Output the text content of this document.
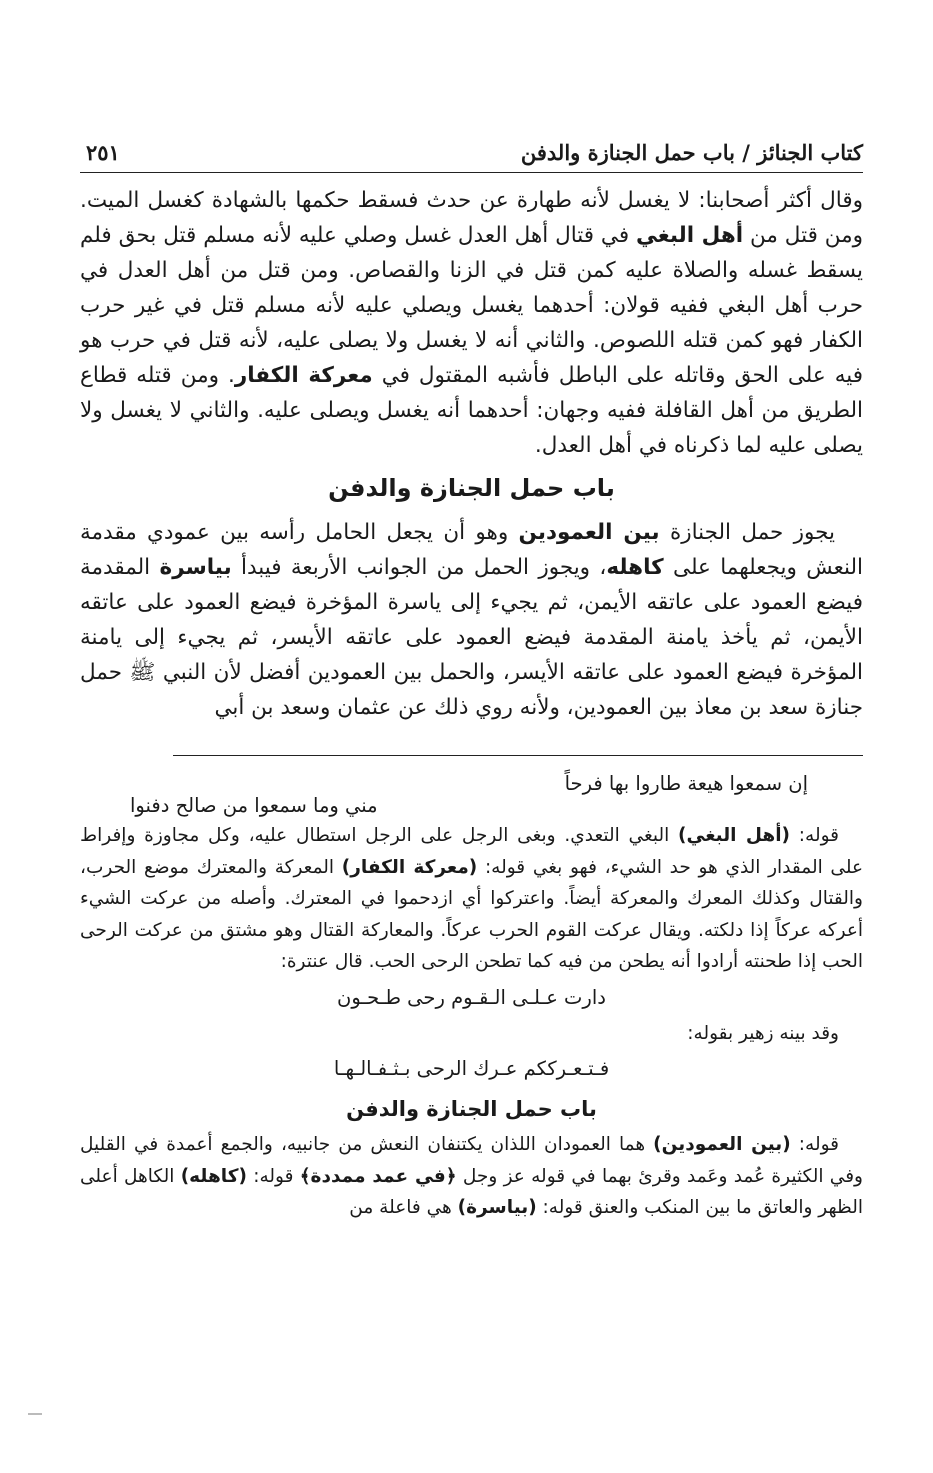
كتاب الجنائز / باب حمل الجنازة والدفن
٢٥١

وقال أكثر أصحابنا: لا يغسل لأنه طهارة عن حدث فسقط حكمها بالشهادة كغسل الميت. ومن قتل من أهل البغي في قتال أهل العدل غسل وصلي عليه لأنه مسلم قتل بحق فلم يسقط غسله والصلاة عليه كمن قتل في الزنا والقصاص. ومن قتل من أهل العدل في حرب أهل البغي ففيه قولان: أحدهما يغسل ويصلي عليه لأنه مسلم قتل في غير حرب الكفار فهو كمن قتله اللصوص. والثاني أنه لا يغسل ولا يصلى عليه، لأنه قتل في حرب هو فيه على الحق وقاتله على الباطل فأشبه المقتول في معركة الكفار. ومن قتله قطاع الطريق من أهل القافلة ففيه وجهان: أحدهما أنه يغسل ويصلى عليه. والثاني لا يغسل ولا يصلى عليه لما ذكرناه في أهل العدل.

باب حمل الجنازة والدفن

يجوز حمل الجنازة بين العمودين وهو أن يجعل الحامل رأسه بين عمودي مقدمة النعش ويجعلهما على كاهله، ويجوز الحمل من الجوانب الأربعة فيبدأ بياسرة المقدمة فيضع العمود على عاتقه الأيمن، ثم يجيء إلى ياسرة المؤخرة فيضع العمود على عاتقه الأيمن، ثم يأخذ يامنة المقدمة فيضع العمود على عاتقه الأيسر، ثم يجيء إلى يامنة المؤخرة فيضع العمود على عاتقه الأيسر، والحمل بين العمودين أفضل لأن النبي ﷺ حمل جنازة سعد بن معاذ بين العمودين، ولأنه روي ذلك عن عثمان وسعد بن أبي

إن سمعوا هيعة طاروا بها فرحاً
مني وما سمعوا من صالح دفنوا

قوله: (أهل البغي) البغي التعدي. وبغى الرجل على الرجل استطال عليه، وكل مجاوزة وإفراط على المقدار الذي هو حد الشيء، فهو بغي قوله: (معركة الكفار) المعركة والمعترك موضع الحرب، والقتال وكذلك المعرك والمعركة أيضاً. واعتركوا أي ازدحموا في المعترك. وأصله من عركت الشيء أعركه عركاً إذا دلكته. ويقال عركت القوم الحرب عركاً. والمعاركة القتال وهو مشتق من عركت الرحى الحب إذا طحنته أرادوا أنه يطحن من فيه كما تطحن الرحى الحب. قال عنترة:

دارت عـلـى الـقـوم رحى طـحـون

وقد بينه زهير بقوله:

فـتـعـرككم عـرك الرحى بـثـفـالـهـا
باب حمل الجنازة والدفن

قوله: (بين العمودين) هما العمودان اللذان يكتنفان النعش من جانبيه، والجمع أعمدة في القليل وفي الكثيرة عُمد وعَمد وقرئ بهما في قوله عز وجل ﴿في عمد ممددة﴾ قوله: (كاهله) الكاهل أعلى الظهر والعاتق ما بين المنكب والعنق قوله: (بياسرة) هي فاعلة من
